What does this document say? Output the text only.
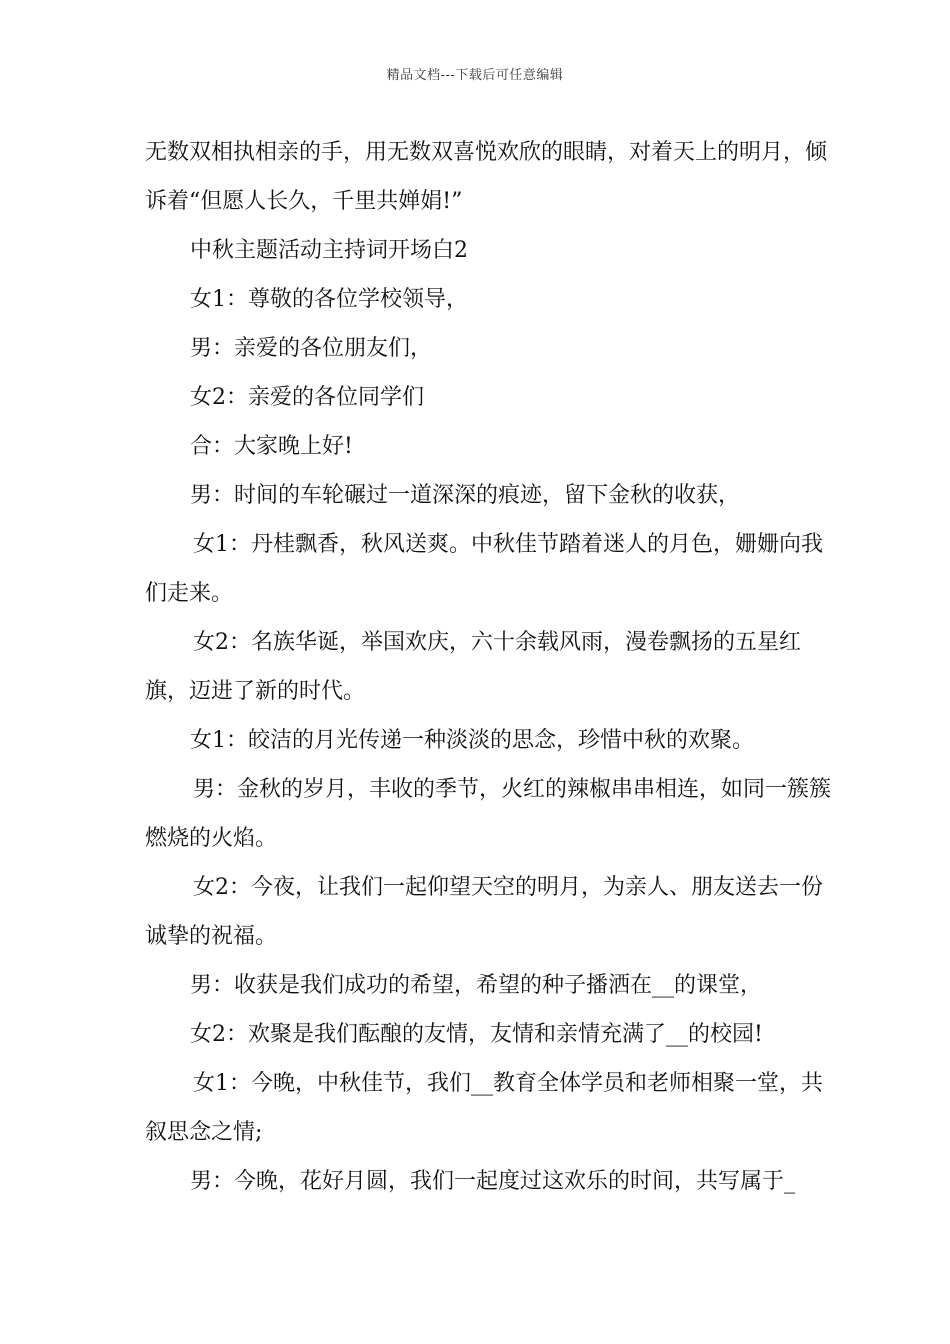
精品文档---下载后可任意编辑

无数双相执相亲的手，用无数双喜悦欢欣的眼睛，对着天上的明月，倾诉着“但愿人长久，千里共婵娟!”

中秋主题活动主持词开场白2

女1：尊敬的各位学校领导，

男：亲爱的各位朋友们，

女2：亲爱的各位同学们

合：大家晚上好!

男：时间的车轮碾过一道深深的痕迹，留下金秋的收获，

女1：丹桂飘香，秋风送爽。中秋佳节踏着迷人的月色，姗姗向我们走来。

女2：名族华诞，举国欢庆，六十余载风雨，漫卷飘扬的五星红旗，迈进了新的时代。

女1：皎洁的月光传递一种淡淡的思念，珍惜中秋的欢聚。

男：金秋的岁月，丰收的季节，火红的辣椒串串相连，如同一簇簇燃烧的火焰。

女2：今夜，让我们一起仰望天空的明月，为亲人、朋友送去一份诚挚的祝福。

男：收获是我们成功的希望，希望的种子播洒在__的课堂，

女2：欢聚是我们酝酿的友情，友情和亲情充满了__的校园!

女1：今晚，中秋佳节，我们__教育全体学员和老师相聚一堂，共叙思念之情;

男：今晚，花好月圆，我们一起度过这欢乐的时间，共写属于_
